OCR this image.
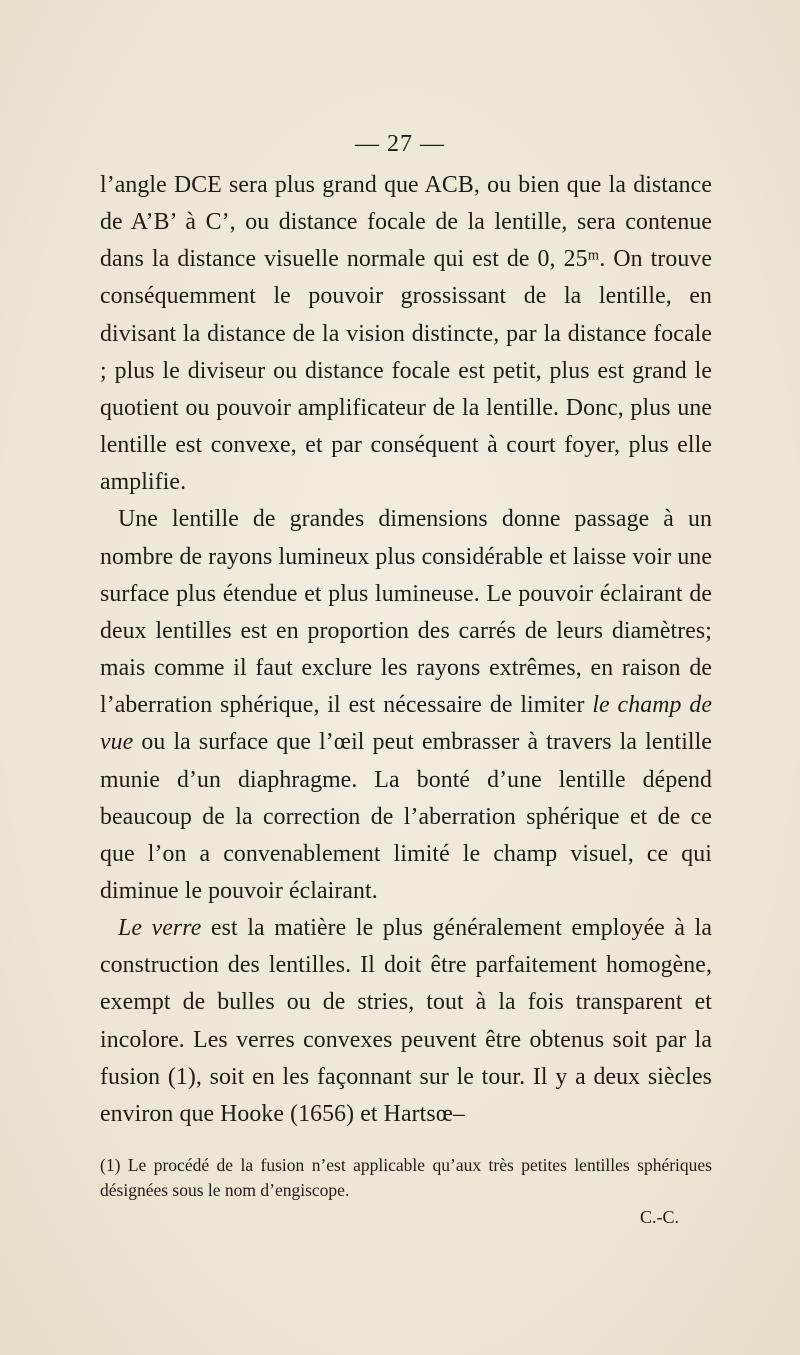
— 27 —

l’angle DCE sera plus grand que ACB, ou bien que la distance de A’B’ à C’, ou distance focale de la lentille, sera contenue dans la distance visuelle normale qui est de 0, 25ᵐ. On trouve conséquemment le pouvoir grossissant de la lentille, en divisant la distance de la vision distincte, par la distance focale ; plus le diviseur ou distance focale est petit, plus est grand le quotient ou pouvoir amplificateur de la lentille. Donc, plus une lentille est convexe, et par conséquent à court foyer, plus elle amplifie.

Une lentille de grandes dimensions donne passage à un nombre de rayons lumineux plus considérable et laisse voir une surface plus étendue et plus lumineuse. Le pouvoir éclairant de deux lentilles est en proportion des carrés de leurs diamètres; mais comme il faut exclure les rayons extrêmes, en raison de l’aberration sphérique, il est nécessaire de limiter le champ de vue ou la surface que l’œil peut embrasser à travers la lentille munie d’un diaphragme. La bonté d’une lentille dépend beaucoup de la correction de l’aberration sphérique et de ce que l’on a convenablement limité le champ visuel, ce qui diminue le pouvoir éclairant.

Le verre est la matière le plus généralement employée à la construction des lentilles. Il doit être parfaitement homogène, exempt de bulles ou de stries, tout à la fois transparent et incolore. Les verres convexes peuvent être obtenus soit par la fusion (1), soit en les façonnant sur le tour. Il y a deux siècles environ que Hooke (1656) et Hartsœ–

(1) Le procédé de la fusion n’est applicable qu’aux très petites lentilles sphériques désignées sous le nom d’engiscope.
C.-C.
